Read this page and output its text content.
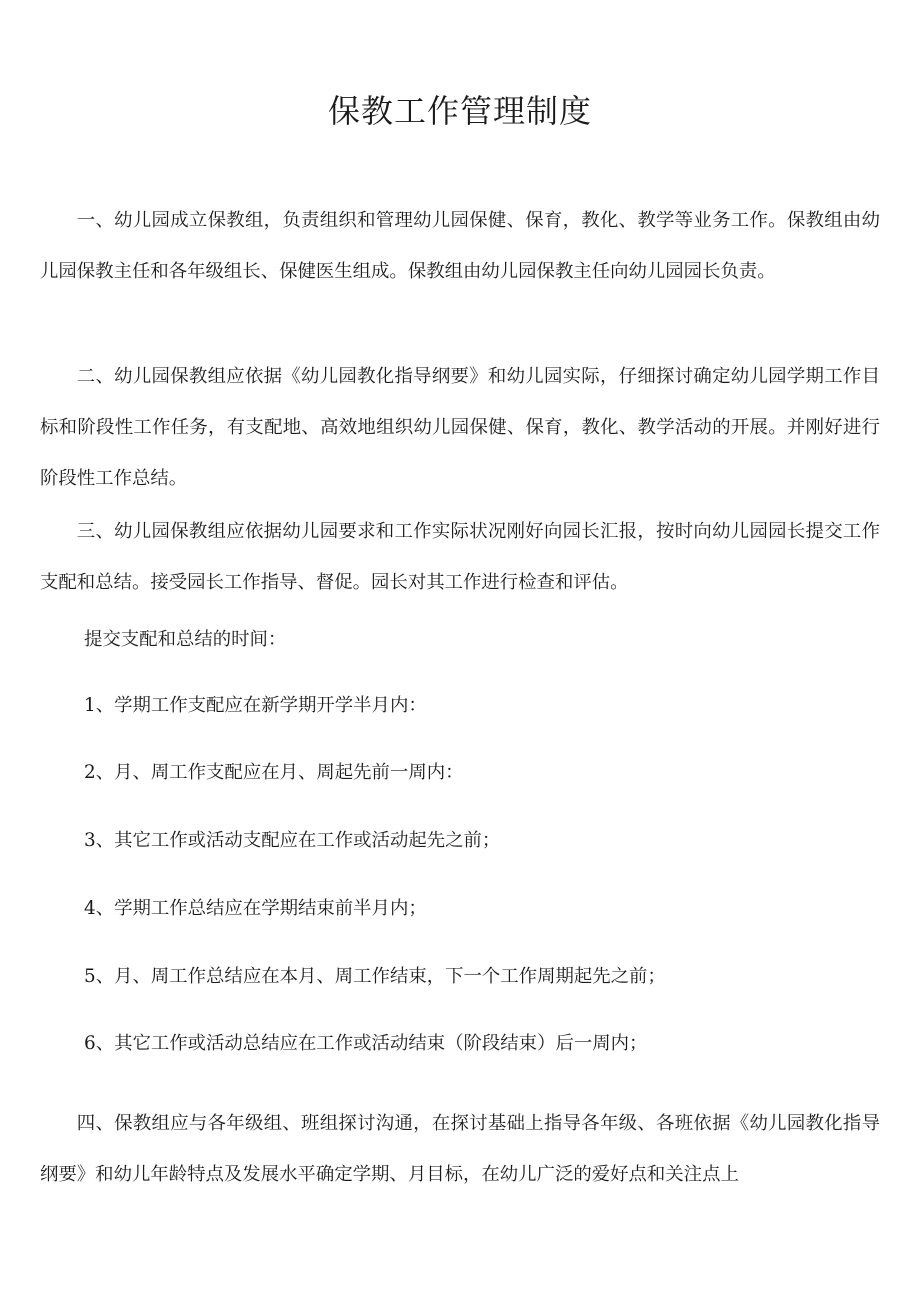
保教工作管理制度

一、幼儿园成立保教组，负责组织和管理幼儿园保健、保育，教化、教学等业务工作。保教组由幼儿园保教主任和各年级组长、保健医生组成。保教组由幼儿园保教主任向幼儿园园长负责。

二、幼儿园保教组应依据《幼儿园教化指导纲要》和幼儿园实际，仔细探讨确定幼儿园学期工作目标和阶段性工作任务，有支配地、高效地组织幼儿园保健、保育，教化、教学活动的开展。并刚好进行阶段性工作总结。

三、幼儿园保教组应依据幼儿园要求和工作实际状况刚好向园长汇报，按时向幼儿园园长提交工作支配和总结。接受园长工作指导、督促。园长对其工作进行检查和评估。

提交支配和总结的时间：

1、学期工作支配应在新学期开学半月内：

2、月、周工作支配应在月、周起先前一周内：

3、其它工作或活动支配应在工作或活动起先之前；

4、学期工作总结应在学期结束前半月内；

5、月、周工作总结应在本月、周工作结束，下一个工作周期起先之前；

6、其它工作或活动总结应在工作或活动结束（阶段结束）后一周内；

四、保教组应与各年级组、班组探讨沟通，在探讨基础上指导各年级、各班依据《幼儿园教化指导纲要》和幼儿年龄特点及发展水平确定学期、月目标，在幼儿广泛的爱好点和关注点上
